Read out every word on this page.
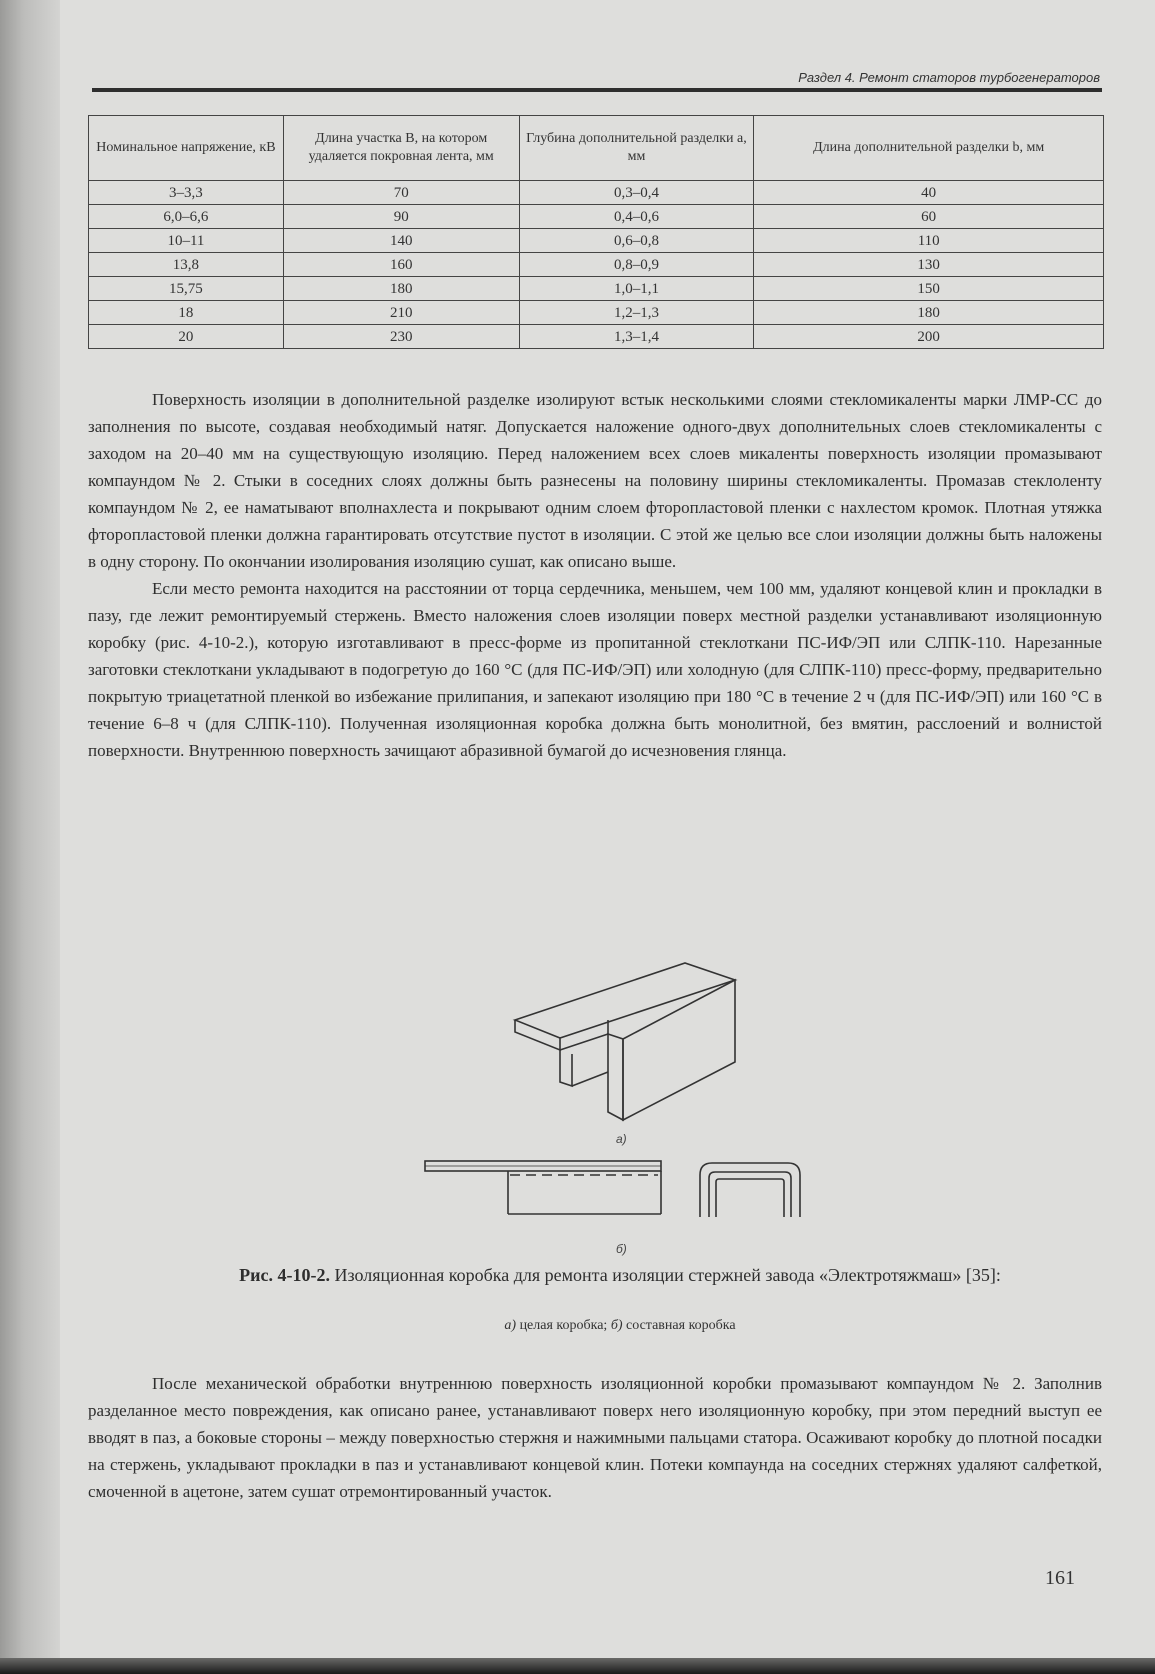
Раздел 4. Ремонт статоров турбогенераторов
Номинальное напряжение, кВ	Длина участка В, на котором удаляется покровная лента, мм	Глубина дополнительной разделки а, мм	Длина дополнительной разделки b, мм
3–3,3	70	0,3–0,4	40
6,0–6,6	90	0,4–0,6	60
10–11	140	0,6–0,8	110
13,8	160	0,8–0,9	130
15,75	180	1,0–1,1	150
18	210	1,2–1,3	180
20	230	1,3–1,4	200

Поверхность изоляции в дополнительной разделке изолируют встык несколькими слоями стекломикаленты марки ЛМР-СС до заполнения по высоте, создавая необходимый натяг. Допускается наложение одного-двух дополнительных слоев стекломикаленты с заходом на 20–40 мм на существующую изоляцию. Перед наложением всех слоев микаленты поверхность изоляции промазывают компаундом № 2. Стыки в соседних слоях должны быть разнесены на половину ширины стекломикаленты. Промазав стеклоленту компаундом № 2, ее наматывают вполнахлеста и покрывают одним слоем фторопластовой пленки с нахлестом кромок. Плотная утяжка фторопластовой пленки должна гарантировать отсутствие пустот в изоляции. С этой же целью все слои изоляции должны быть наложены в одну сторону. По окончании изолирования изоляцию сушат, как описано выше.

Если место ремонта находится на расстоянии от торца сердечника, меньшем, чем 100 мм, удаляют концевой клин и прокладки в пазу, где лежит ремонтируемый стержень. Вместо наложения слоев изоляции поверх местной разделки устанавливают изоляционную коробку (рис. 4-10-2.), которую изготавливают в пресс-форме из пропитанной стеклоткани ПС-ИФ/ЭП или СЛПК-110. Нарезанные заготовки стеклоткани укладывают в подогретую до 160 °С (для ПС-ИФ/ЭП) или холодную (для СЛПК-110) пресс-форму, предварительно покрытую триацетатной пленкой во избежание прилипания, и запекают изоляцию при 180 °С в течение 2 ч (для ПС-ИФ/ЭП) или 160 °С в течение 6–8 ч (для СЛПК-110). Полученная изоляционная коробка должна быть монолитной, без вмятин, расслоений и волнистой поверхности. Внутреннюю поверхность зачищают абразивной бумагой до исчезновения глянца.

а)
б)
Рис. 4-10-2. Изоляционная коробка для ремонта изоляции стержней завода «Электротяжмаш» [35]:
а) целая коробка; б) составная коробка

После механической обработки внутреннюю поверхность изоляционной коробки промазывают компаундом № 2. Заполнив разделанное место повреждения, как описано ранее, устанавливают поверх него изоляционную коробку, при этом передний выступ ее вводят в паз, а боковые стороны – между поверхностью стержня и нажимными пальцами статора. Осаживают коробку до плотной посадки на стержень, укладывают прокладки в паз и устанавливают концевой клин. Потеки компаунда на соседних стержнях удаляют салфеткой, смоченной в ацетоне, затем сушат отремонтированный участок.

161
